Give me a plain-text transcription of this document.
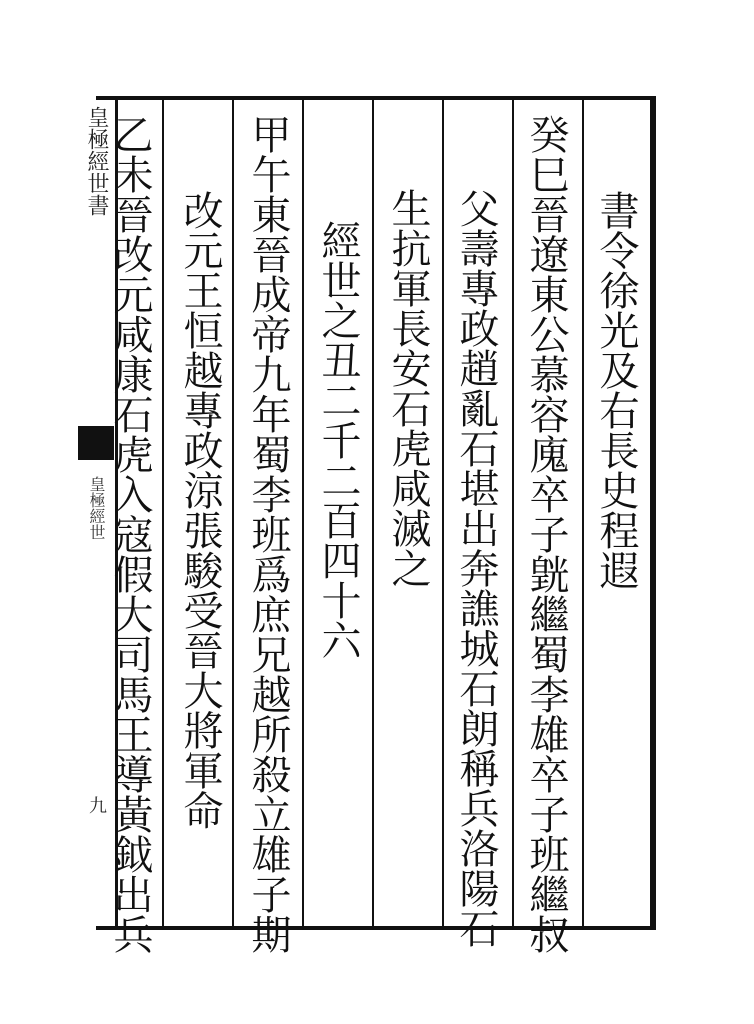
皇極經世書
皇極經世
九
書令徐光及右長史程遐
癸巳晉遼東公慕容廆卒子皝繼蜀李雄卒子班繼叔
父壽專政趙亂石堪出奔譙城石朗稱兵洛陽石
生抗軍長安石虎咸滅之
經世之丑二千二百四十六
甲午東晉成帝九年蜀李班爲庶兄越所殺立雄子期
改元王恒越專政涼張駿受晉大將軍命
乙未晉改元咸康石虎入寇假大司馬王導黃鉞出兵
